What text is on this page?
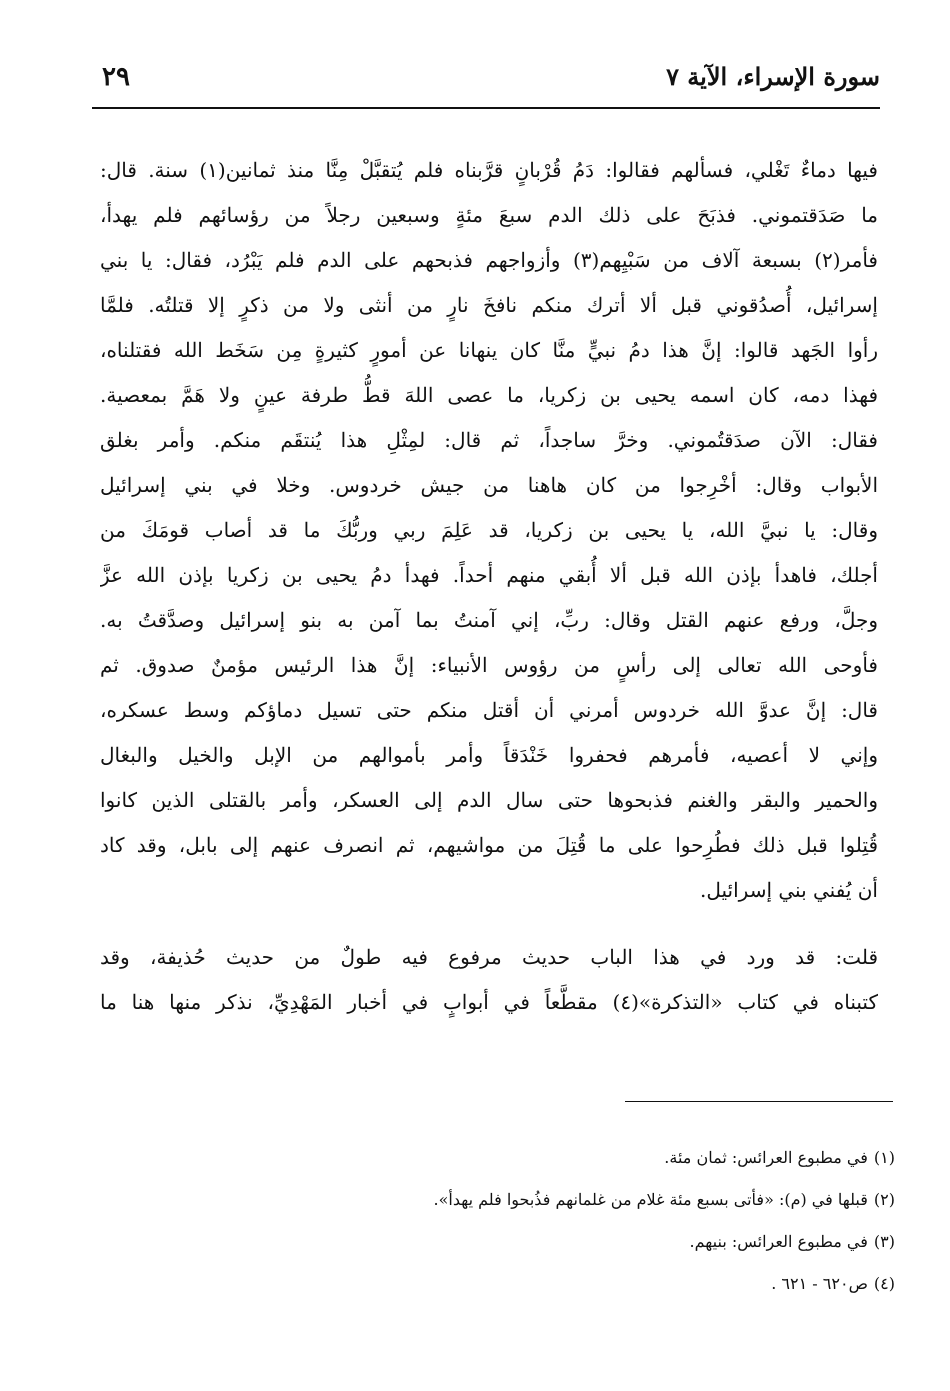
سورة الإسراء، الآية ٧
٢٩
فيها دماءٌ تَغْلي، فسألهم فقالوا: دَمُ قُرْبانٍ قرَّبناه فلم يُتقبَّلْ مِنَّا منذ ثمانين(١) سنة. قال:
ما صَدَقتموني. فذبَحَ على ذلك الدم سبعَ مئةٍ وسبعين رجلاً من رؤسائهم فلم يهدأ،
فأمر(٢) بسبعة آلاف من سَبْيِهم(٣) وأزواجهم فذبحهم على الدم فلم يَبْرُد، فقال: يا بني
إسرائيل، أُصدُقوني قبل ألا أترك منكم نافخَ نارٍ من أنثى ولا من ذكرٍ إلا قتلتُه. فلمَّا
رأوا الجَهد قالوا: إنَّ هذا دمُ نبيٍّ منَّا كان ينهانا عن أمورٍ كثيرةٍ مِن سَخَط الله فقتلناه،
فهذا دمه، كان اسمه يحيى بن زكريا، ما عصى اللهَ قطُّ طرفة عينٍ ولا هَمَّ بمعصية.
فقال: الآن صدَقتُموني. وخرَّ ساجداً، ثم قال: لمِثْلِ هذا يُنتقَم منكم. وأمر بغلق
الأبواب وقال: أخْرِجوا من كان هاهنا من جيش خردوس. وخلا في بني إسرائيل
وقال: يا نبيَّ الله، يا يحيى بن زكريا، قد عَلِمَ ربي وربُّكَ ما قد أصاب قومَكَ من
أجلك، فاهدأ بإذن الله قبل ألا أُبقي منهم أحداً. فهدأ دمُ يحيى بن زكريا بإذن الله عزَّ
وجلَّ، ورفع عنهم القتل وقال: ربِّ، إني آمنتُ بما آمن به بنو إسرائيل وصدَّقتُ به.
فأوحى الله تعالى إلى رأسٍ من رؤوس الأنبياء: إنَّ هذا الرئيس مؤمنٌ صدوق. ثم
قال: إنَّ عدوَّ الله خردوس أمرني أن أقتل منكم حتى تسيل دماؤكم وسط عسكره،
وإني لا أعصيه، فأمرهم فحفروا خَنْدَقاً وأمر بأموالهم من الإبل والخيل والبغال
والحمير والبقر والغنم فذبحوها حتى سال الدم إلى العسكر، وأمر بالقتلى الذين كانوا
قُتِلوا قبل ذلك فطُرِحوا على ما قُتِلَ من مواشيهم، ثم انصرف عنهم إلى بابل، وقد كاد
أن يُفني بني إسرائيل.
قلت: قد ورد في هذا الباب حديث مرفوع فيه طولٌ من حديث حُذيفة، وقد
كتبناه في كتاب «التذكرة»(٤) مقطَّعاً في أبوابٍ في أخبار المَهْدِيِّ، نذكر منها هنا ما
(١)في مطبوع العرائس: ثمان مئة.
(٢)قبلها في (م): «فأتى بسبع مئة غلام من غلمانهم فذُبحوا فلم يهدأ».
(٣)في مطبوع العرائس: بنيهم.
(٤)ص٦٢٠ - ٦٢١ .
